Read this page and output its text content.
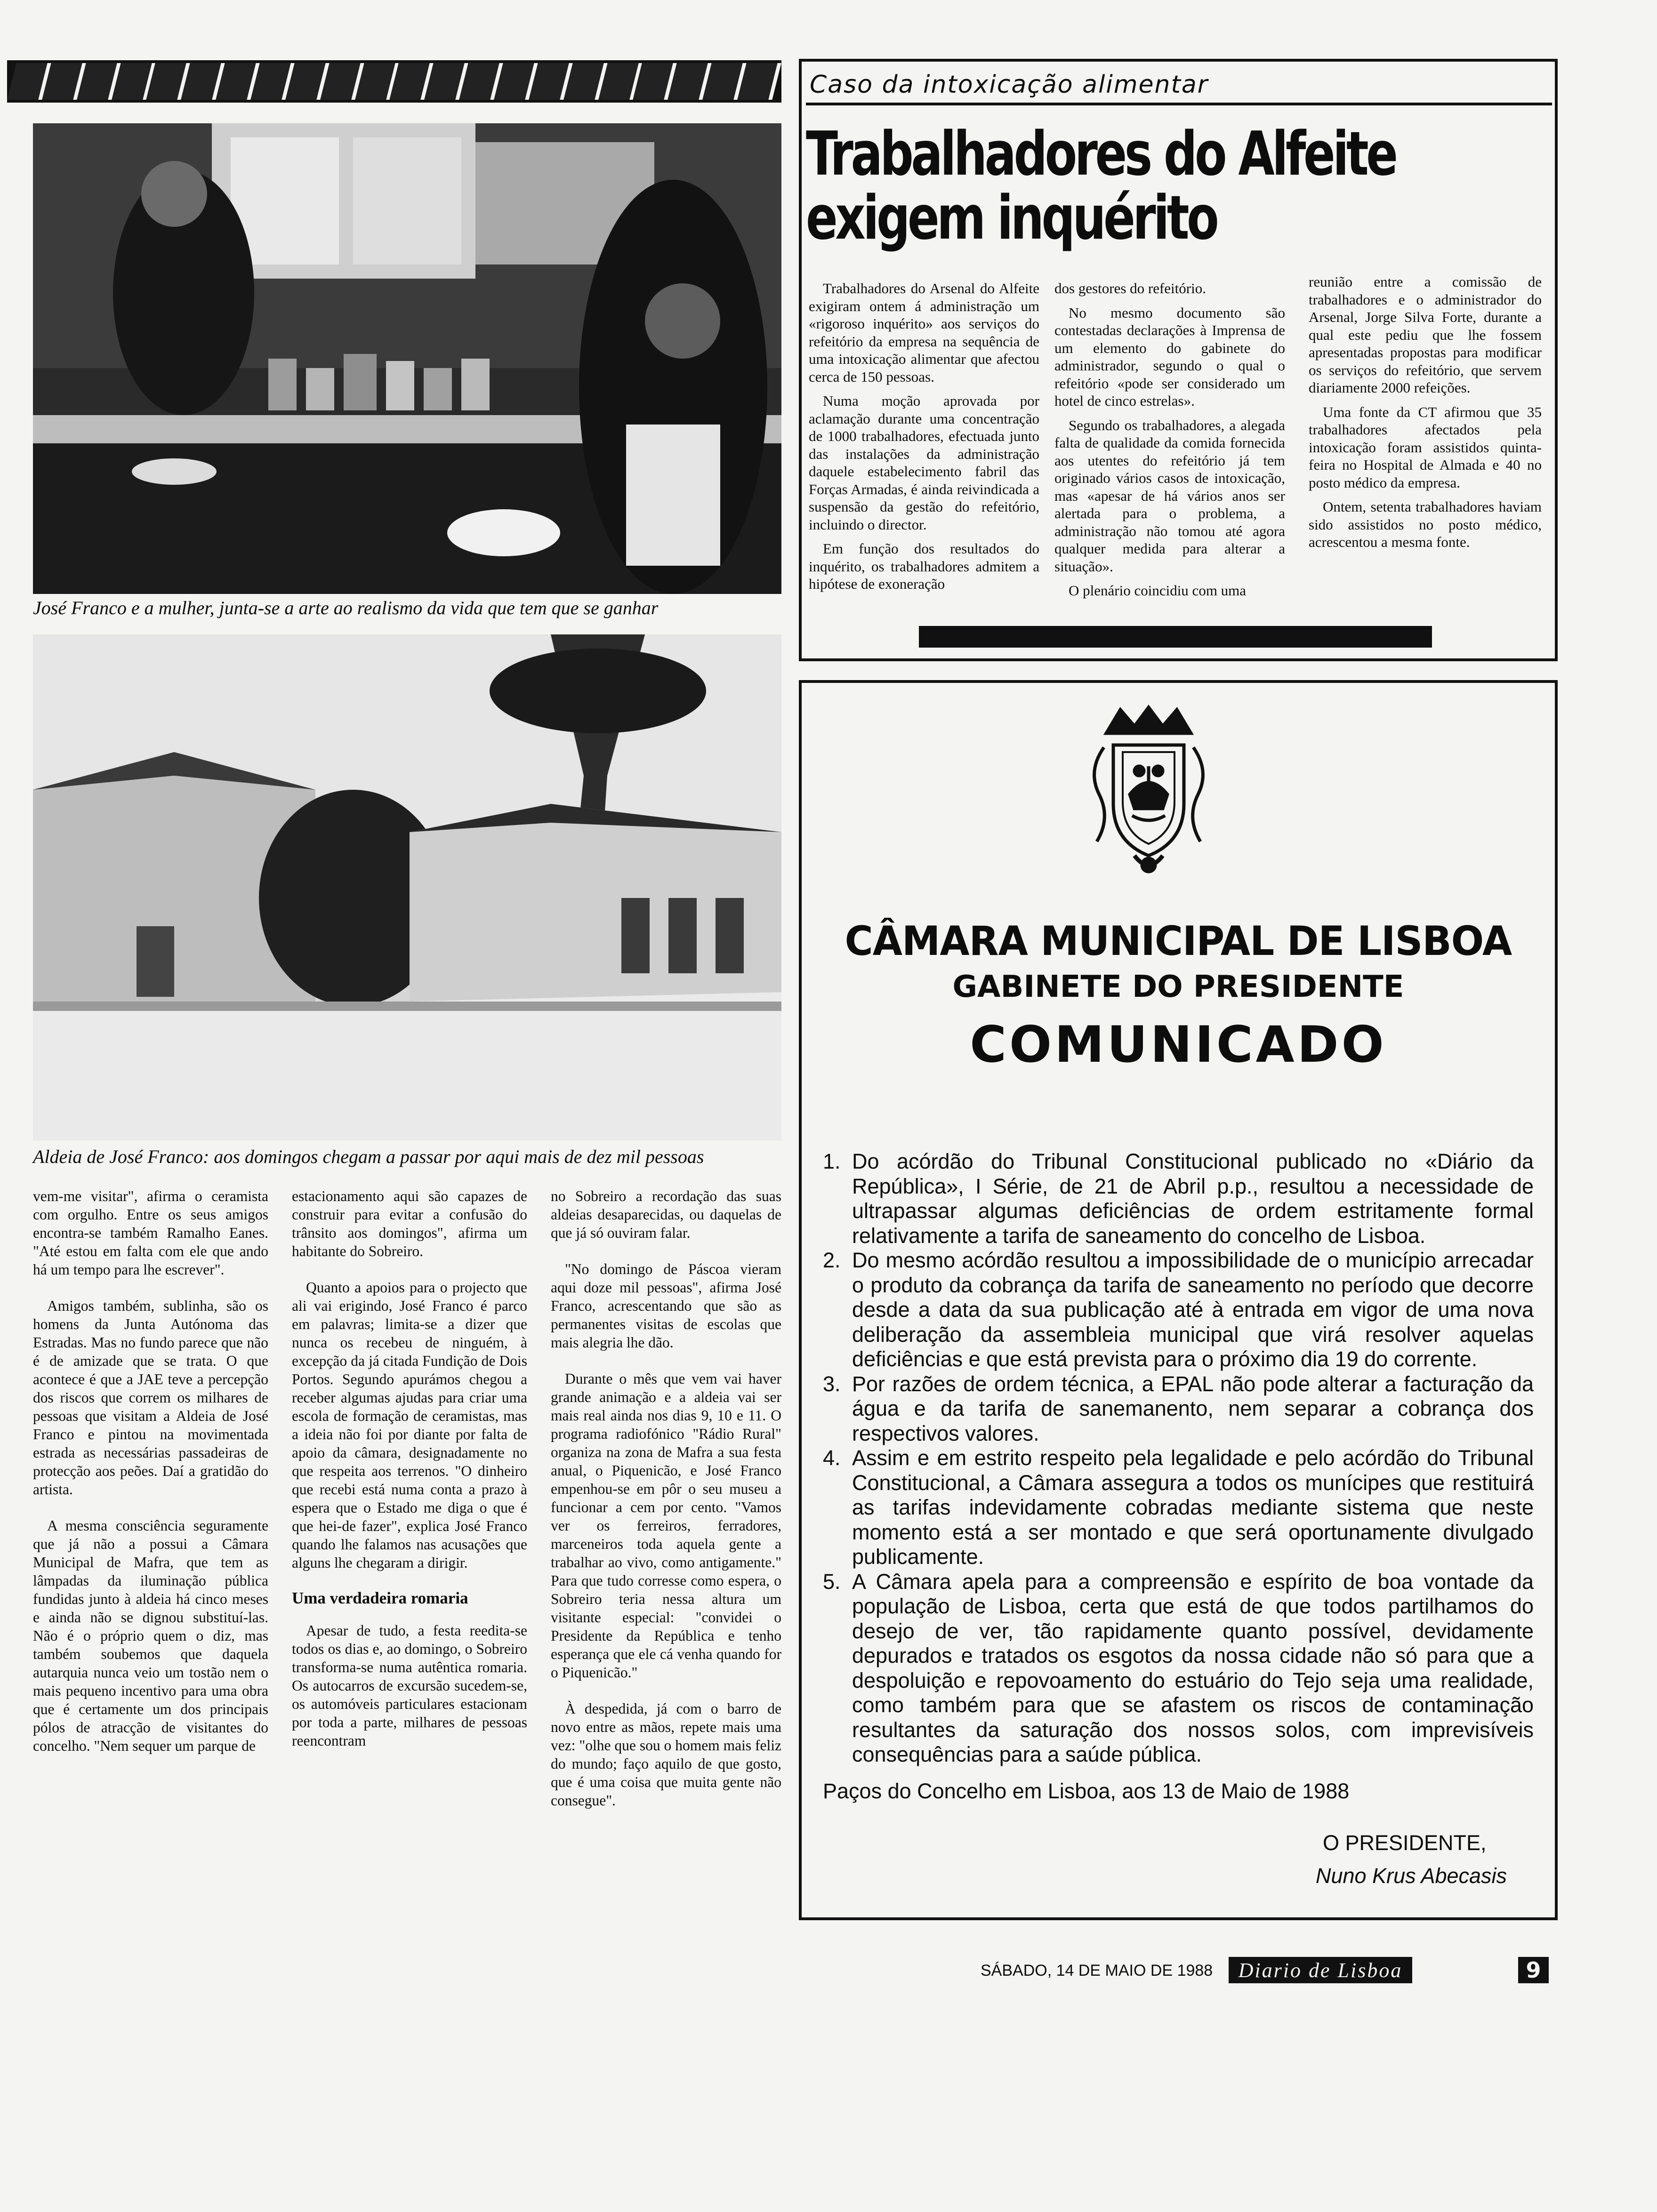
José Franco e a mulher, junta-se a arte ao realismo da vida que tem que se ganhar
Aldeia de José Franco: aos domingos chegam a passar por aqui mais de dez mil pessoas

vem-me visitar", afirma o ceramista com orgulho. Entre os seus amigos encontra-se também Ramalho Eanes. "Até estou em falta com ele que ando há um tempo para lhe escrever".

Amigos também, sublinha, são os homens da Junta Autónoma das Estradas. Mas no fundo parece que não é de amizade que se trata. O que acontece é que a JAE teve a percepção dos riscos que correm os milhares de pessoas que visitam a Aldeia de José Franco e pintou na movimentada estrada as necessárias passadeiras de protecção aos peões. Daí a gratidão do artista.

A mesma consciência seguramente que já não a possui a Câmara Municipal de Mafra, que tem as lâmpadas da iluminação pública fundidas junto à aldeia há cinco meses e ainda não se dignou substituí-las. Não é o próprio quem o diz, mas também soubemos que daquela autarquia nunca veio um tostão nem o mais pequeno incentivo para uma obra que é certamente um dos principais pólos de atracção de visitantes do concelho. "Nem sequer um parque de

estacionamento aqui são capazes de construir para evitar a confusão do trânsito aos domingos", afirma um habitante do Sobreiro.

Quanto a apoios para o projecto que ali vai erigindo, José Franco é parco em palavras; limita-se a dizer que nunca os recebeu de ninguém, à excepção da já citada Fundição de Dois Portos. Segundo apurámos chegou a receber algumas ajudas para criar uma escola de formação de ceramistas, mas a ideia não foi por diante por falta de apoio da câmara, designadamente no que respeita aos terrenos. "O dinheiro que recebi está numa conta a prazo à espera que o Estado me diga o que é que hei-de fazer", explica José Franco quando lhe falamos nas acusações que alguns lhe chegaram a dirigir.

Uma verdadeira romaria

Apesar de tudo, a festa reedita-se todos os dias e, ao domingo, o Sobreiro transforma-se numa autêntica romaria. Os autocarros de excursão sucedem-se, os automóveis particulares estacionam por toda a parte, milhares de pessoas reencontram

no Sobreiro a recordação das suas aldeias desaparecidas, ou daquelas de que já só ouviram falar.

"No domingo de Páscoa vieram aqui doze mil pessoas", afirma José Franco, acrescentando que são as permanentes visitas de escolas que mais alegria lhe dão.

Durante o mês que vem vai haver grande animação e a aldeia vai ser mais real ainda nos dias 9, 10 e 11. O programa radiofónico "Rádio Rural" organiza na zona de Mafra a sua festa anual, o Piquenicão, e José Franco empenhou-se em pôr o seu museu a funcionar a cem por cento. "Vamos ver os ferreiros, ferradores, marceneiros toda aquela gente a trabalhar ao vivo, como antigamente." Para que tudo corresse como espera, o Sobreiro teria nessa altura um visitante especial: "convidei o Presidente da República e tenho esperança que ele cá venha quando for o Piquenicão."

À despedida, já com o barro de novo entre as mãos, repete mais uma vez: "olhe que sou o homem mais feliz do mundo; faço aquilo de que gosto, que é uma coisa que muita gente não consegue".

Caso da intoxicação alimentar
Trabalhadores do Alfeite
exigem inquérito

Trabalhadores do Arsenal do Alfeite exigiram ontem á administração um «rigoroso inquérito» aos serviços do refeitório da empresa na sequência de uma intoxicação alimentar que afectou cerca de 150 pessoas.

Numa moção aprovada por aclamação durante uma concentração de 1000 trabalhadores, efectuada junto das instalações da administração daquele estabelecimento fabril das Forças Armadas, é ainda reivindicada a suspensão da gestão do refeitório, incluindo o director.

Em função dos resultados do inquérito, os trabalhadores admitem a hipótese de exoneração

dos gestores do refeitório.

No mesmo documento são contestadas declarações à Imprensa de um elemento do gabinete do administrador, segundo o qual o refeitório «pode ser considerado um hotel de cinco estrelas».

Segundo os trabalhadores, a alegada falta de qualidade da comida fornecida aos utentes do refeitório já tem originado vários casos de intoxicação, mas «apesar de há vários anos ser alertada para o problema, a administração não tomou até agora qualquer medida para alterar a situação».

O plenário coincidiu com uma

reunião entre a comissão de trabalhadores e o administrador do Arsenal, Jorge Silva Forte, durante a qual este pediu que lhe fossem apresentadas propostas para modificar os serviços do refeitório, que servem diariamente 2000 refeições.

Uma fonte da CT afirmou que 35 trabalhadores afectados pela intoxicação foram assistidos quinta-feira no Hospital de Almada e 40 no posto médico da empresa.

Ontem, setenta trabalhadores haviam sido assistidos no posto médico, acrescentou a mesma fonte.

CÂMARA MUNICIPAL DE LISBOA
GABINETE DO PRESIDENTE
COMUNICADO
1. Do acórdão do Tribunal Constitucional publicado no «Diário da República», I Série, de 21 de Abril p.p., resultou a necessidade de ultrapassar algumas deficiências de ordem estritamente formal relativamente a tarifa de saneamento do concelho de Lisboa.
2. Do mesmo acórdão resultou a impossibilidade de o município arrecadar o produto da cobrança da tarifa de saneamento no período que decorre desde a data da sua publicação até à entrada em vigor de uma nova deliberação da assembleia municipal que virá resolver aquelas deficiências e que está prevista para o próximo dia 19 do corrente.
3. Por razões de ordem técnica, a EPAL não pode alterar a facturação da água e da tarifa de sanemanento, nem separar a cobrança dos respectivos valores.
4. Assim e em estrito respeito pela legalidade e pelo acórdão do Tribunal Constitucional, a Câmara assegura a todos os munícipes que restituirá as tarifas indevidamente cobradas mediante sistema que neste momento está a ser montado e que será oportunamente divulgado publicamente.
5. A Câmara apela para a compreensão e espírito de boa vontade da população de Lisboa, certa que está de que todos partilhamos do desejo de ver, tão rapidamente quanto possível, devidamente depurados e tratados os esgotos da nossa cidade não só para que a despoluição e repovoamento do estuário do Tejo seja uma realidade, como também para que se afastem os riscos de contaminação resultantes da saturação dos nossos solos, com imprevisíveis consequências para a saúde pública.
Paços do Concelho em Lisboa, aos 13 de Maio de 1988
O PRESIDENTE,
Nuno Krus Abecasis
SÁBADO, 14 DE MAIO DE 1988	Diario de Lisboa	9
